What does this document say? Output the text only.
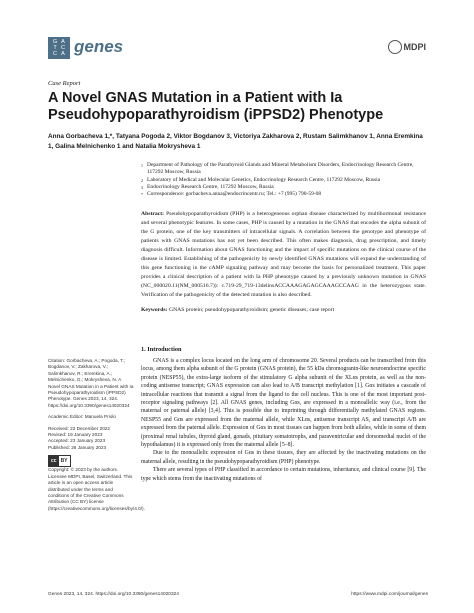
G A
T C
C A genes	MDPI
Case Report
A Novel GNAS Mutation in a Patient with Ia Pseudohypoparathyroidism (iPPSD2) Phenotype
Anna Gorbacheva 1,*, Tatyana Pogoda 2, Viktor Bogdanov 3, Victoriya Zakharova 2, Rustam Salimkhanov 1, Anna Eremkina 1, Galina Melnichenko 1 and Natalia Mokrysheva 1
1 Department of Pathology of the Parathyroid Glands and Mineral Metabolism Disorders, Endocrinology Research Centre, 117292 Moscow, Russia
2 Laboratory of Medical and Molecular Genetics, Endocrinology Research Centre, 117292 Moscow, Russia
3 Endocrinology Research Centre, 117292 Moscow, Russia
* Correspondence: gorbacheva.anna@endocrincentr.ru; Tel.: +7 (995) 790-59-08
Abstract: Pseudohypoparathyroidism (PHP) is a heterogeneous orphan disease characterized by multihormonal resistance and several phenotypic features. In some cases, PHP is caused by a mutation in the GNAS that encodes the alpha subunit of the G protein, one of the key transmitters of intracellular signals. A correlation between the genotype and phenotype of patients with GNAS mutations has not yet been described. This often makes diagnosis, drug prescription, and timely diagnosis difficult. Information about GNAS functioning and the impact of specific mutations on the clinical course of the disease is limited. Establishing of the pathogenicity by newly identified GNAS mutations will expand the understanding of this gene functioning in the cAMP signaling pathway and may become the basis for personalized treatment. This paper provides a clinical description of a patient with Ia PHP phenotype caused by a previously unknown mutation in GNAS (NC_000020.11(NM_000516.7)): c.719-29_719-13delinsACCAAAGAGAGCAAAGCCAAG in the heterozygous state. Verification of the pathogenicity of the detected mutation is also described.
Keywords: GNAS protein; pseudohypoparathyroidism; genetic diseases; case report
Citation: Gorbacheva, A.; Pogoda, T.; Bogdanov, V.; Zakharova, V.; Salimkhanov, R.; Eremkina, A.; Melnichenko, G.; Mokrysheva, N. A Novel GNAS Mutation in a Patient with Ia Pseudohypoparathyroidism (iPPSD2) Phenotype. Genes 2023, 14, 324. https://doi.org/10.3390/genes14020324
Academic Editor: Manuela Priolo
Received: 22 December 2022
Revised: 19 January 2023
Accepted: 23 January 2023
Published: 26 January 2023
cc BY
Copyright: © 2023 by the authors. Licensee MDPI, Basel, Switzerland. This article is an open access article distributed under the terms and conditions of the Creative Commons Attribution (CC BY) license (https://creativecommons.org/licenses/by/4.0/).
1. Introduction

GNAS is a complex locus located on the long arm of chromosome 20. Several products can be transcribed from this locus, among them alpha subunit of the G protein (GNAS protein), the 55 kDa chromogranin-like neuroendocrine specific protein (NESP55), the extra-large isoform of the stimulatory G alpha subunit of the XLαs protein, as well as the non-coding antisense transcript; GNAS expression can also lead to A/B transcript methylation [1]. Gαs initiates a cascade of intracellular reactions that transmit a signal from the ligand to the cell nucleus. This is one of the most important post-receptor signaling pathways [2]. All GNAS genes, including Gαs, are expressed in a monoallelic way (i.e., from the maternal or paternal allele) [3,4]. This is possible due to imprinting through differentially methylated GNAS regions. NESP55 and Gαs are expressed from the maternal allele, while XLαs, antisense transcript AS, and transcript A/B are expressed from the paternal allele. Expression of Gαs in most tissues can happen from both alleles, while in some of them (proximal renal tubules, thyroid gland, gonads, pituitary somatotrophs, and paraventricular and dorsomedial nuclei of the hypothalamus) it is expressed only from the maternal allele [5–8].

Due to the monoallelic expression of Gαs in these tissues, they are affected by the inactivating mutations on the maternal allele, resulting in the pseudohypoparathyroidism (PHP) phenotype.

There are several types of PHP classified in accordance to certain mutations, inheritance, and clinical course [9]. The type which stems from the inactivating mutations of

Genes 2023, 14, 324. https://doi.org/10.3390/genes14020324	https://www.mdpi.com/journal/genes
